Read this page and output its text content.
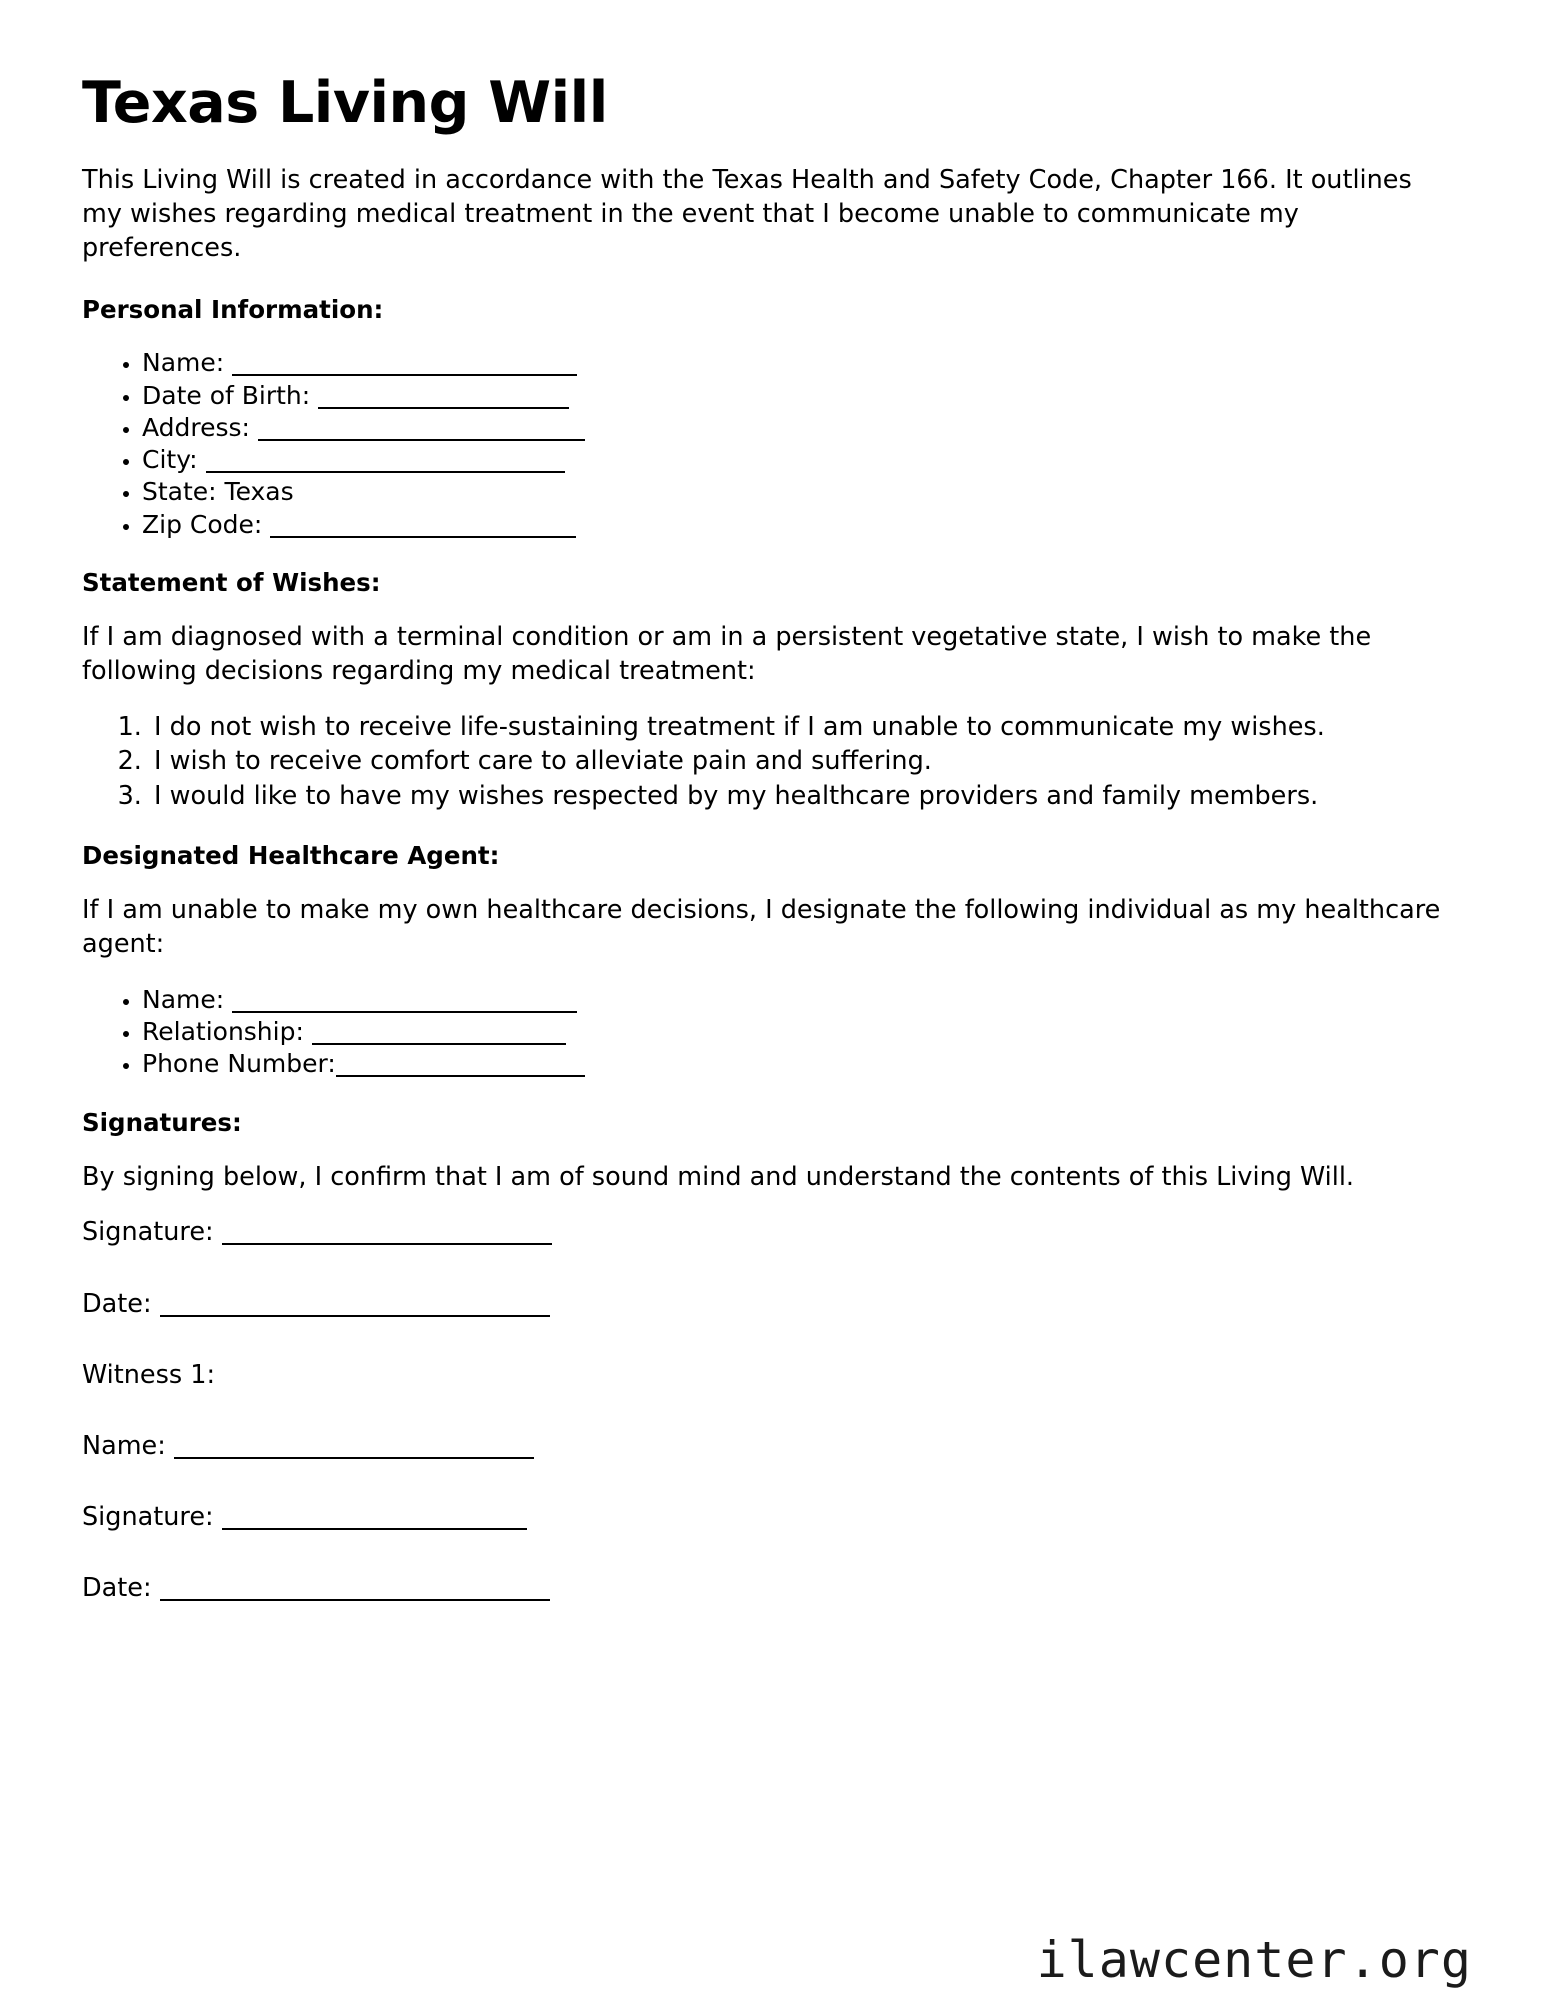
Texas Living Will

This Living Will is created in accordance with the Texas Health and Safety Code, Chapter 166. It outlines my wishes regarding medical treatment in the event that I become unable to communicate my preferences.

Personal Information:
• Name:
• Date of Birth:
• Address:
• City:
• State: Texas
• Zip Code:
Statement of Wishes:

If I am diagnosed with a terminal condition or am in a persistent vegetative state, I wish to make the following decisions regarding my medical treatment:

1. I do not wish to receive life-sustaining treatment if I am unable to communicate my wishes.
2. I wish to receive comfort care to alleviate pain and suffering.
3. I would like to have my wishes respected by my healthcare providers and family members.
Designated Healthcare Agent:

If I am unable to make my own healthcare decisions, I designate the following individual as my healthcare agent:

• Name:
• Relationship:
• Phone Number:
Signatures:

By signing below, I confirm that I am of sound mind and understand the contents of this Living Will.

Signature:
Date:
Witness 1:
Name:
Signature:
Date:
ilawcenter.org
